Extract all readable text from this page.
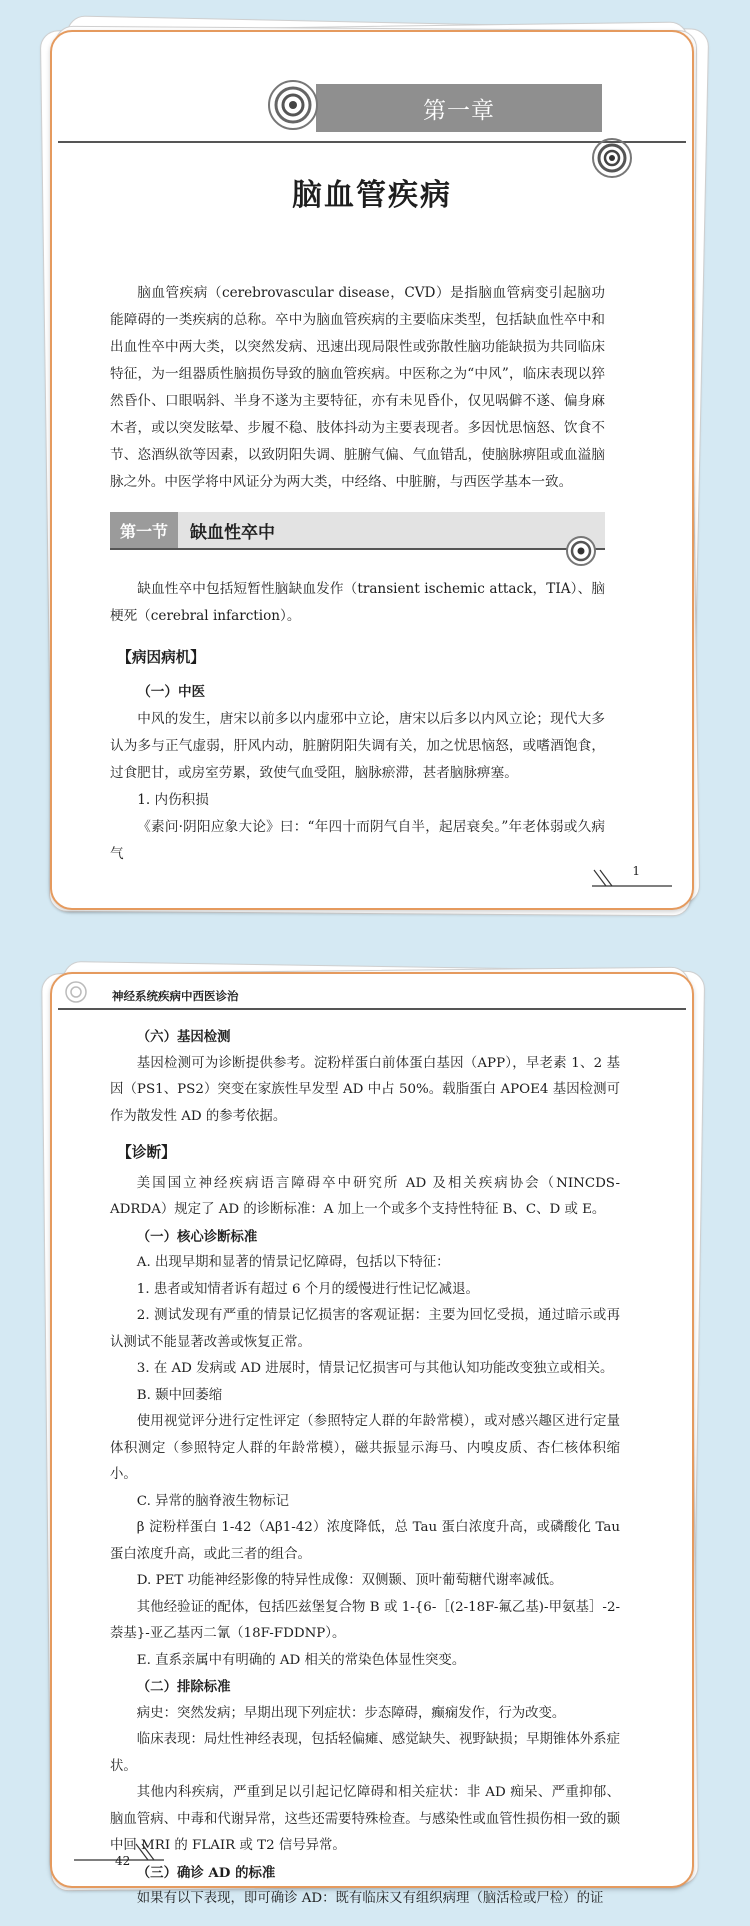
第一章
脑血管疾病

脑血管疾病（cerebrovascular disease，CVD）是指脑血管病变引起脑功能障碍的一类疾病的总称。卒中为脑血管疾病的主要临床类型，包括缺血性卒中和出血性卒中两大类，以突然发病、迅速出现局限性或弥散性脑功能缺损为共同临床特征，为一组器质性脑损伤导致的脑血管疾病。中医称之为“中风”，临床表现以猝然昏仆、口眼㖞斜、半身不遂为主要特征，亦有未见昏仆，仅见㖞僻不遂、偏身麻木者，或以突发眩晕、步履不稳、肢体抖动为主要表现者。多因忧思恼怒、饮食不节、恣酒纵欲等因素，以致阴阳失调、脏腑气偏、气血错乱，使脑脉痹阻或血溢脑脉之外。中医学将中风证分为两大类，中经络、中脏腑，与西医学基本一致。

第一节	缺血性卒中

缺血性卒中包括短暂性脑缺血发作（transient ischemic attack，TIA）、脑梗死（cerebral infarction）。

【病因病机】

（一）中医

中风的发生，唐宋以前多以内虚邪中立论，唐宋以后多以内风立论；现代大多认为多与正气虚弱，肝风内动，脏腑阴阳失调有关，加之忧思恼怒，或嗜酒饱食，过食肥甘，或房室劳累，致使气血受阻，脑脉瘀滞，甚者脑脉痹塞。

1. 内伤积损

《素问·阴阳应象大论》曰：“年四十而阴气自半，起居衰矣。”年老体弱或久病气

1
神经系统疾病中西医诊治

（六）基因检测

基因检测可为诊断提供参考。淀粉样蛋白前体蛋白基因（APP），早老素 1、2 基因（PS1、PS2）突变在家族性早发型 AD 中占 50%。载脂蛋白 APOE4 基因检测可作为散发性 AD 的参考依据。

【诊断】

美国国立神经疾病语言障碍卒中研究所 AD 及相关疾病协会（NINCDS-ADRDA）规定了 AD 的诊断标准：A 加上一个或多个支持性特征 B、C、D 或 E。

（一）核心诊断标准

A. 出现早期和显著的情景记忆障碍，包括以下特征：

1. 患者或知情者诉有超过 6 个月的缓慢进行性记忆减退。

2. 测试发现有严重的情景记忆损害的客观证据：主要为回忆受损，通过暗示或再认测试不能显著改善或恢复正常。

3. 在 AD 发病或 AD 进展时，情景记忆损害可与其他认知功能改变独立或相关。

B. 颞中回萎缩

使用视觉评分进行定性评定（参照特定人群的年龄常模），或对感兴趣区进行定量体积测定（参照特定人群的年龄常模），磁共振显示海马、内嗅皮质、杏仁核体积缩小。

C. 异常的脑脊液生物标记

β 淀粉样蛋白 1-42（Aβ1-42）浓度降低，总 Tau 蛋白浓度升高，或磷酸化 Tau 蛋白浓度升高，或此三者的组合。

D. PET 功能神经影像的特异性成像：双侧颞、顶叶葡萄糖代谢率减低。

其他经验证的配体，包括匹兹堡复合物 B 或 1-{6-［(2-18F-氟乙基)-甲氨基］-2-萘基}-亚乙基丙二氰（18F-FDDNP）。

E. 直系亲属中有明确的 AD 相关的常染色体显性突变。

（二）排除标准

病史：突然发病；早期出现下列症状：步态障碍，癫痫发作，行为改变。

临床表现：局灶性神经表现，包括轻偏瘫、感觉缺失、视野缺损；早期锥体外系症状。

其他内科疾病，严重到足以引起记忆障碍和相关症状：非 AD 痴呆、严重抑郁、脑血管病、中毒和代谢异常，这些还需要特殊检查。与感染性或血管性损伤相一致的颞中回 MRI 的 FLAIR 或 T2 信号异常。

（三）确诊 AD 的标准

如果有以下表现，即可确诊 AD：既有临床又有组织病理（脑活检或尸检）的证

42
